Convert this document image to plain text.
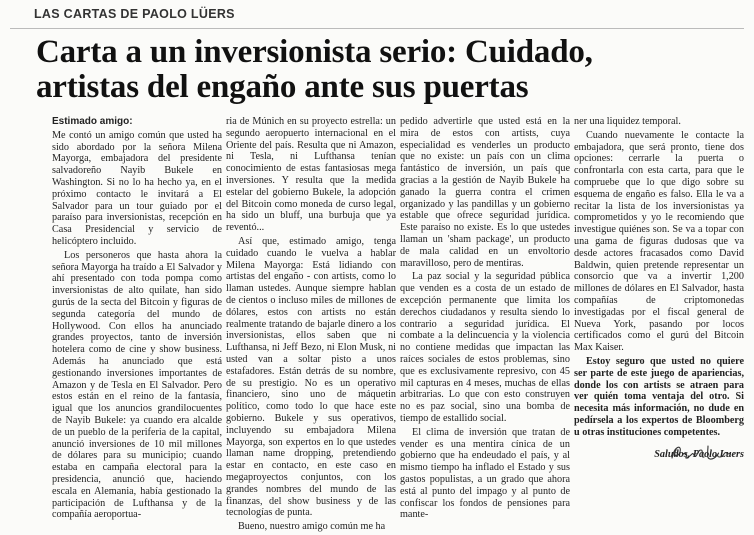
LAS CARTAS DE PAOLO LÜERS
Carta a un inversionista serio: Cuidado,
artistas del engaño ante sus puertas

Estimado amigo:

Me contó un amigo común que usted ha sido abordado por la señora Milena Mayorga, embajadora del presidente salvadoreño Nayib Bukele en Washington. Si no lo ha hecho ya, en el próximo contacto le invitará a El Salvador para un tour guiado por el paraíso para inversionistas, recepción en Casa Presidencial y servicio de helicóptero incluido.

Los personeros que hasta ahora la señora Mayorga ha traído a El Salvador y ahí presentado con toda pompa como inversionistas de alto quilate, han sido gurús de la secta del Bitcoin y figuras de segunda categoría del mundo de Hollywood. Con ellos ha anunciado grandes proyectos, tanto de inversión hotelera como de cine y show business. Además ha anunciado que está gestionando inversiones importantes de Amazon y de Tesla en El Salvador. Pero estos están en el reino de la fantasía, igual que los anuncios grandilocuentes de Nayib Bukele: ya cuando era alcalde de un pueblo de la periferia de la capital, anunció inversiones de 10 mil millones de dólares para su municipio; cuando estaba en campaña electoral para la presidencia, anunció que, haciendo escala en Alemania, había gestionado la participación de Lufthansa y de la compañía aeroportua-

ria de Múnich en su proyecto estrella: un segundo aeropuerto internacional en el Oriente del país. Resulta que ni Amazon, ni Tesla, ni Lufthansa tenían conocimiento de estas fantasiosas mega inversiones. Y resulta que la medida estelar del gobierno Bukele, la adopción del Bitcoin como moneda de curso legal, ha sido un bluff, una burbuja que ya reventó...

Así que, estimado amigo, tenga cuidado cuando le vuelva a hablar Milena Mayorga: Está lidiando con artistas del engaño - con artists, como lo llaman ustedes. Aunque siempre hablan de cientos o incluso miles de millones de dólares, estos con artists no están realmente tratando de bajarle dinero a los inversionistas, ellos saben que ni Lufthansa, ni Jeff Bezo, ni Elon Musk, ni usted van a soltar pisto a unos estafadores. Están detrás de su nombre, de su prestigio. No es un operativo financiero, sino uno de máquetin político, como todo lo que hace este gobierno. Bukele y sus operativos, incluyendo su embajadora Milena Mayorga, son expertos en lo que ustedes llaman name dropping, pretendiendo estar en contacto, en este caso en megaproyectos conjuntos, con los grandes nombres del mundo de las finanzas, del show business y de las tecnologías de punta.

Bueno, nuestro amigo común me ha

pedido advertirle que usted está en la mira de estos con artists, cuya especialidad es venderles un producto que no existe: un país con un clima fantástico de inversión, un país que gracias a la gestión de Nayib Bukele ha ganado la guerra contra el crimen organizado y las pandillas y un gobierno estable que ofrece seguridad jurídica. Este paraíso no existe. Es lo que ustedes llaman un 'sham package', un producto de mala calidad en un envoltorio maravilloso, pero de mentiras.

La paz social y la seguridad pública que venden es a costa de un estado de excepción permanente que limita los derechos ciudadanos y resulta siendo lo contrario a seguridad jurídica. El combate a la delincuencia y la violencia no contiene medidas que impactan las raíces sociales de estos problemas, sino que es exclusivamente represivo, con 45 mil capturas en 4 meses, muchas de ellas arbitrarias. Lo que con esto construyen no es paz social, sino una bomba de tiempo de estallido social.

El clima de inversión que tratan de vender es una mentira cínica de un gobierno que ha endeudado el país, y al mismo tiempo ha inflado el Estado y sus gastos populistas, a un grado que ahora está al punto del impago y al punto de confiscar los fondos de pensiones para mante-

ner una liquidez temporal.

Cuando nuevamente le contacte la embajadora, que será pronto, tiene dos opciones: cerrarle la puerta o confrontarla con esta carta, para que le compruebe que lo que digo sobre su esquema de engaño es falso. Ella le va a recitar la lista de los inversionistas ya comprometidos y yo le recomiendo que investigue quiénes son. Se va a topar con una gama de figuras dudosas que va desde actores fracasados como David Baldwin, quien pretende representar un consorcio que va a invertir 1,200 millones de dólares en El Salvador, hasta compañías de criptomonedas investigadas por el fiscal general de Nueva York, pasando por locos certificados como el gurú del Bitcoin Max Kaiser.

Estoy seguro que usted no quiere ser parte de este juego de apariencias, donde los con artists se atraen para ver quién toma ventaja del otro. Si necesita más información, no dude en pedírsela a los expertos de Bloomberg u otras instituciones competentes.

Saludos, Paolo Luers
